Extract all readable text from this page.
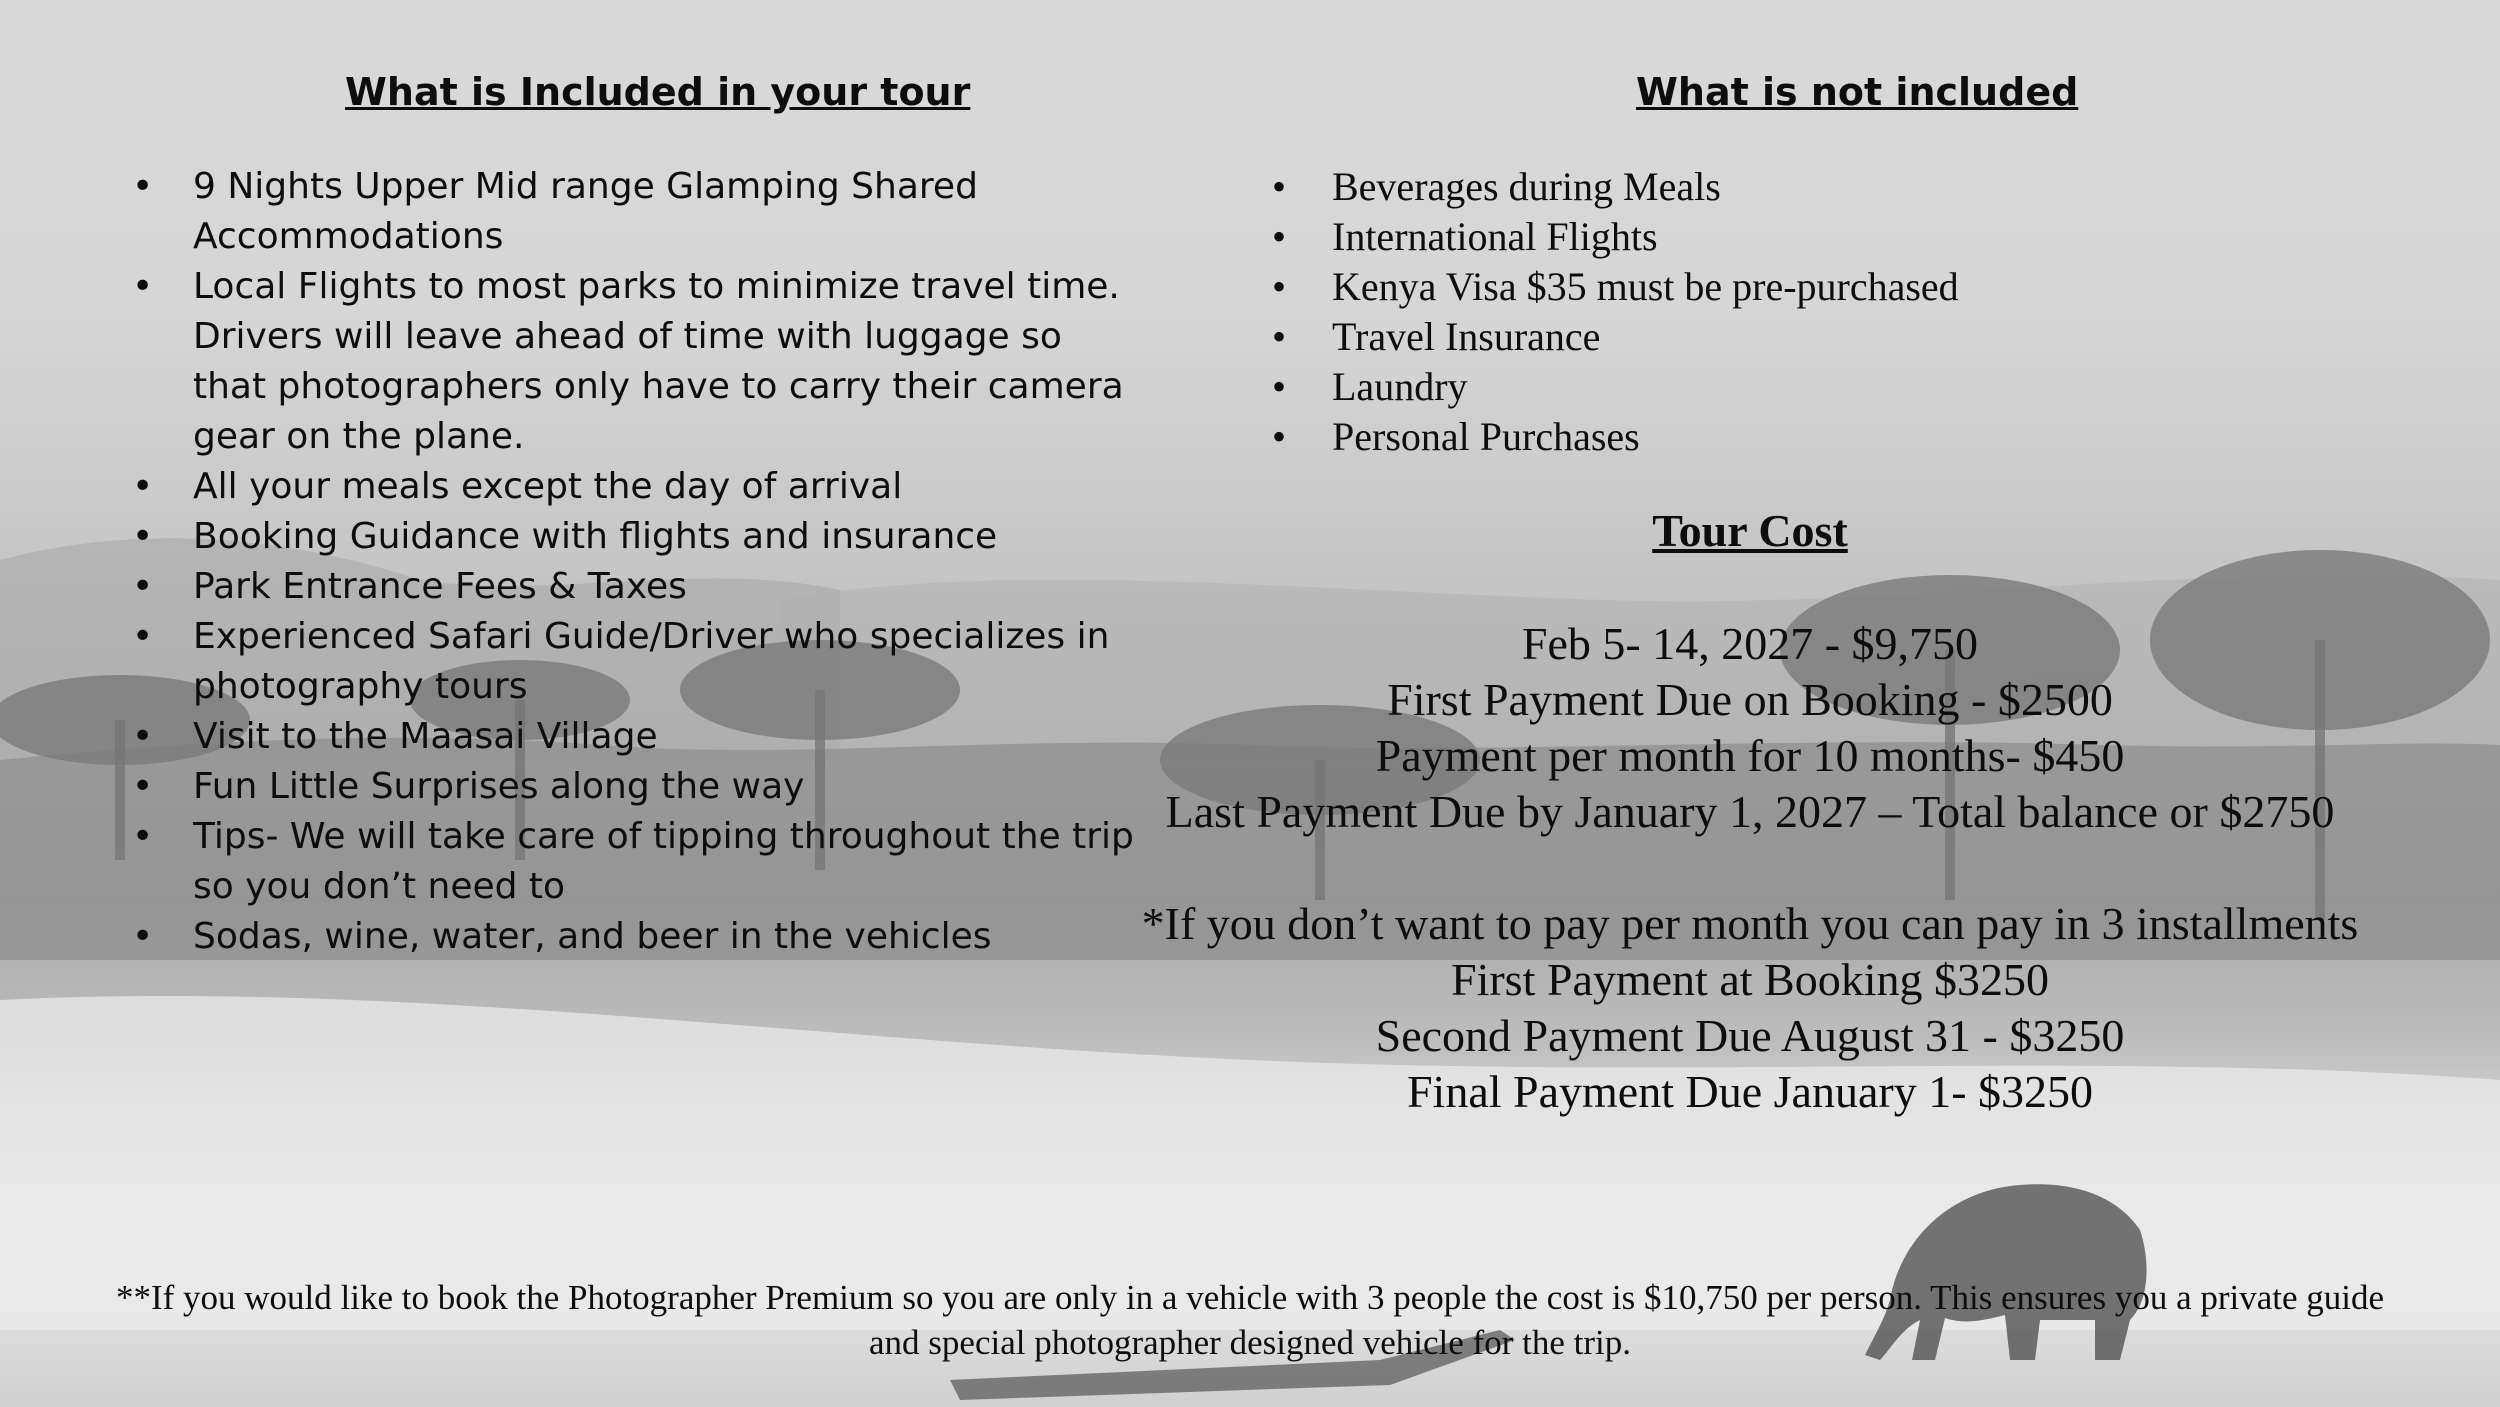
What is Included in your tour
• 9 Nights Upper Mid range Glamping Shared Accommodations
• Local Flights to most parks to minimize travel time. Drivers will leave ahead of time with luggage so that photographers only have to carry their camera gear on the plane.
• All your meals except the day of arrival
• Booking Guidance with flights and insurance
• Park Entrance Fees & Taxes
• Experienced Safari Guide/Driver who specializes in photography tours
• Visit to the Maasai Village
• Fun Little Surprises along the way
• Tips- We will take care of tipping throughout the trip so you don’t need to
• Sodas, wine, water, and beer in the vehicles
What is not included
• Beverages during Meals
• International Flights
• Kenya Visa $35 must be pre-purchased
• Travel Insurance
• Laundry
• Personal Purchases
Tour Cost
Feb 5- 14, 2027 - $9,750
First Payment Due on Booking - $2500
Payment per month for 10 months- $450
Last Payment Due by January 1, 2027 – Total balance or $2750
*If you don’t want to pay per month you can pay in 3 installments
First Payment at Booking $3250
Second Payment Due August 31 - $3250
Final Payment Due January 1- $3250

**If you would like to book the Photographer Premium so you are only in a vehicle with 3 people the cost is $10,750 per person. This ensures you a private guide and special photographer designed vehicle for the trip.
